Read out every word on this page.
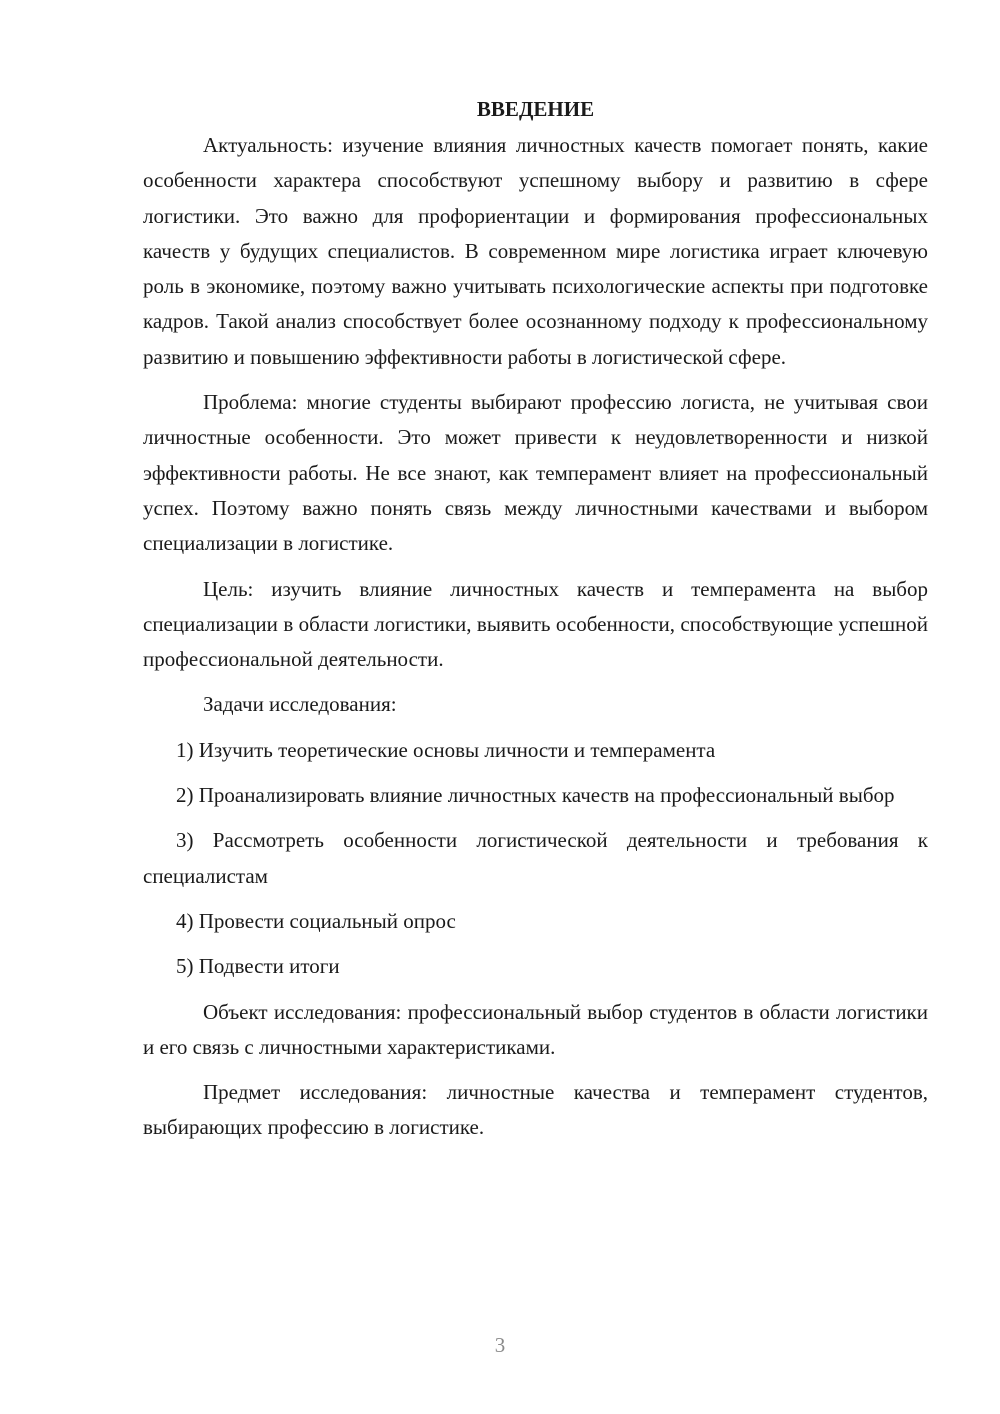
ВВЕДЕНИЕ

Актуальность: изучение влияния личностных качеств помогает понять, какие особенности характера способствуют успешному выбору и развитию в сфере логистики. Это важно для профориентации и формирования профессиональных качеств у будущих специалистов. В современном мире логистика играет ключевую роль в экономике, поэтому важно учитывать психологические аспекты при подготовке кадров. Такой анализ способствует более осознанному подходу к профессиональному развитию и повышению эффективности работы в логистической сфере.

Проблема: многие студенты выбирают профессию логиста, не учитывая свои личностные особенности. Это может привести к неудовлетворенности и низкой эффективности работы. Не все знают, как темперамент влияет на профессиональный успех. Поэтому важно понять связь между личностными качествами и выбором специализации в логистике.

Цель: изучить влияние личностных качеств и темперамента на выбор специализации в области логистики, выявить особенности, способствующие успешной профессиональной деятельности.

Задачи исследования:

1) Изучить теоретические основы личности и темперамента

2) Проанализировать влияние личностных качеств на профессиональный выбор

3) Рассмотреть особенности логистической деятельности и требования к специалистам

4) Провести социальный опрос

5) Подвести итоги

Объект исследования: профессиональный выбор студентов в области логистики и его связь с личностными характеристиками.

Предмет исследования: личностные качества и темперамент студентов, выбирающих профессию в логистике.

3
